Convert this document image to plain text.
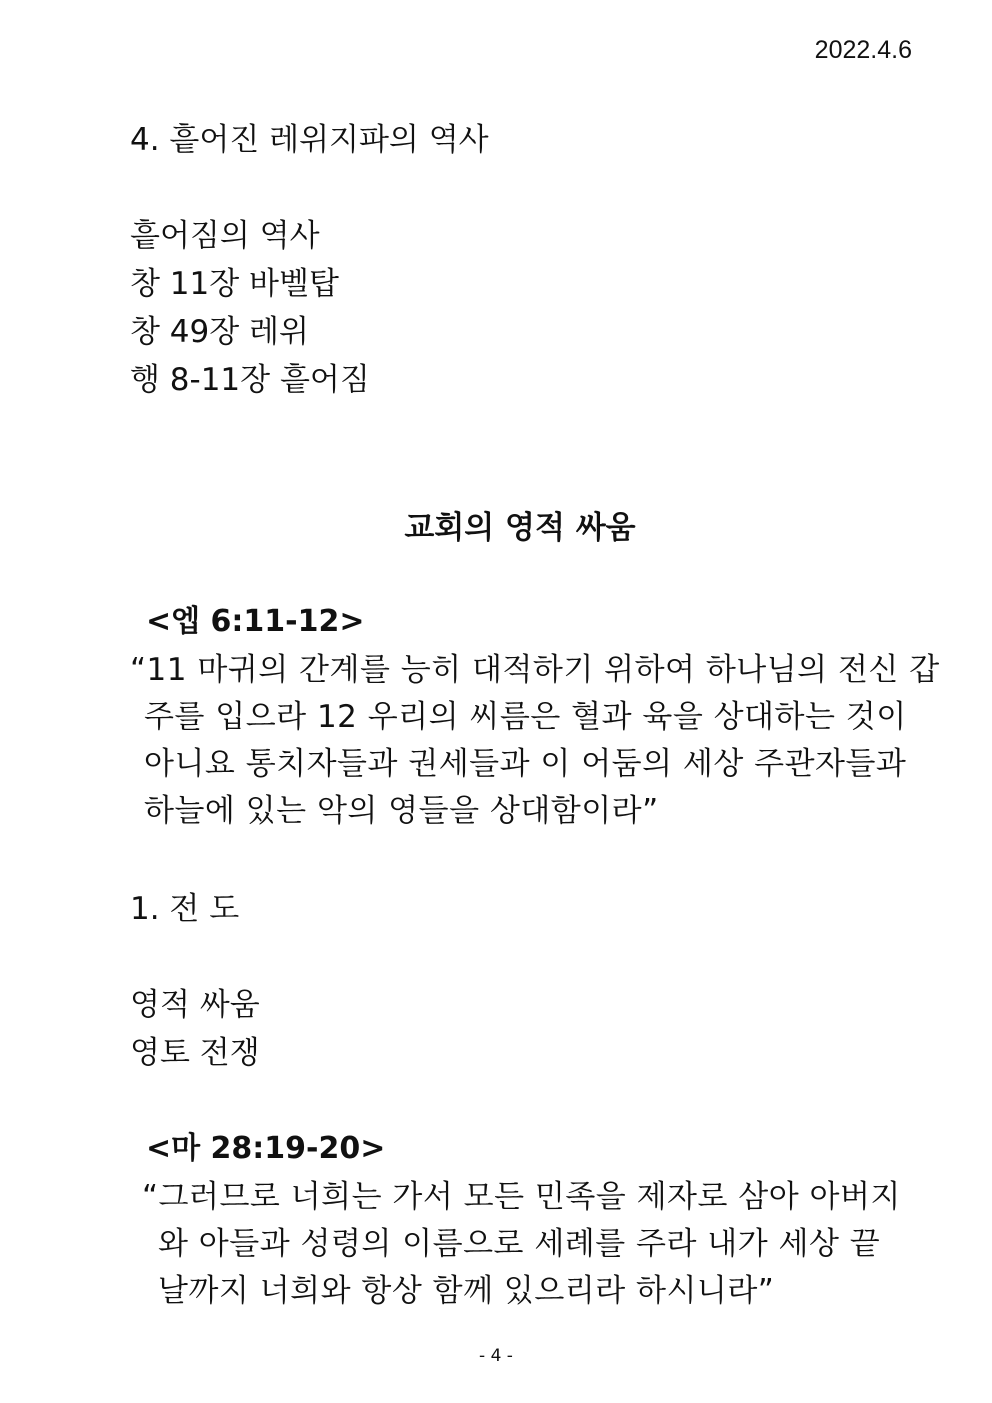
2022.4.6
4. 흩어진 레위지파의 역사
흩어짐의 역사
창 11장 바벨탑
창 49장 레위
행 8-11장 흩어짐
교회의 영적 싸움
<엡 6:11-12>
“11 마귀의 간계를 능히 대적하기 위하여 하나님의 전신 갑
주를 입으라 12 우리의 씨름은 혈과 육을 상대하는 것이
아니요 통치자들과 권세들과 이 어둠의 세상 주관자들과
하늘에 있는 악의 영들을 상대함이라”
1. 전 도
영적 싸움
영토 전쟁
<마 28:19-20>
“그러므로 너희는 가서 모든 민족을 제자로 삼아 아버지
와 아들과 성령의 이름으로 세례를 주라 내가 세상 끝
날까지 너희와 항상 함께 있으리라 하시니라”
- 4 -
